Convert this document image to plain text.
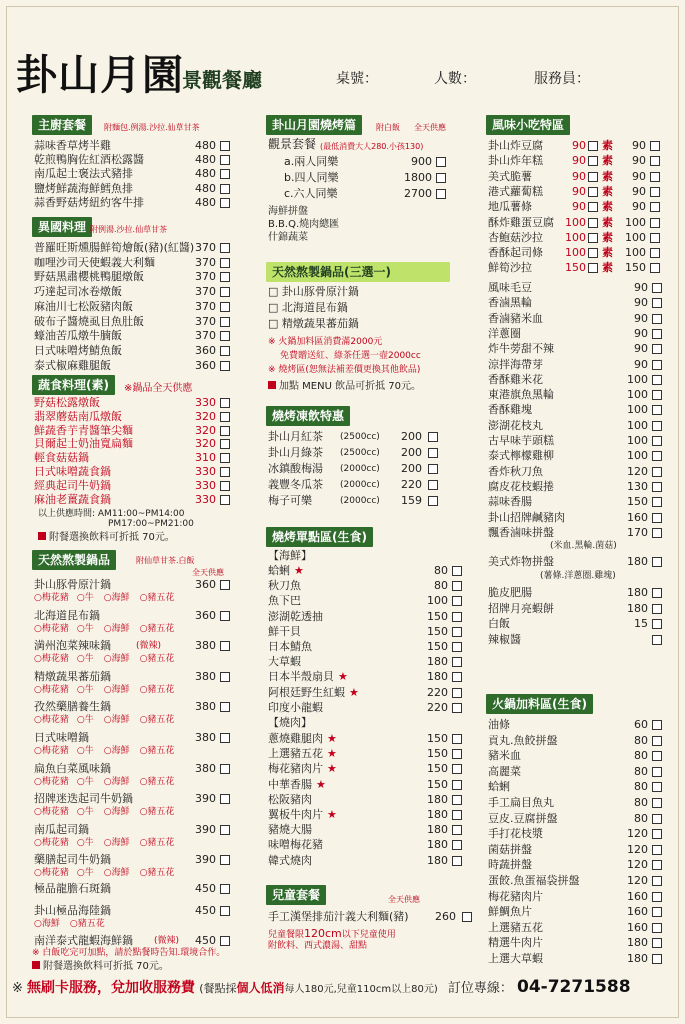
卦山月園
景觀餐廳	桌號：	人數：	服務員：
主廚套餐	附麵包.例湯.沙拉.仙草甘茶
異國料理 附例湯.沙拉.仙草甘茶
蔬食料理(素)	※鍋品全天供應
以上供應時間: AM11:00~PM14:00
PM17:00~PM21:00
附餐選換飲料可折抵 70元。
天然熬製鍋品	附仙草甘茶.白飯
全天供應
※ 白飯吃完可加點，請於點餐時告知.環境合作。
附餐選換飲料可折抵 70元。
卦山月園燒烤篇	附白飯 全天供應
觀景套餐 (最低消費大人280.小孩130)
天然熬製鍋品(三選一)
※ 火鍋加料區消費滿2000元
免費贈送紅、綠茶任選一壺2000cc
※ 燒烤區(恕無法補差價更換其他飲品)
加點 MENU 飲品可折抵 70元。
燒烤凍飲特惠
燒烤單點區(生食)
【海鮮】
【燒肉】
兒童套餐	全天供應
手工漢堡排茄汁義大利麵(豬)	260
兒童餐限120cm以下兒童使用
附飲料、西式濃湯、甜點
風味小吃特區
火鍋加料區(生食)
※ 無刷卡服務，兌加收服務費 (餐點採個人低消每人180元,兒童110cm以上80元) 訂位專線： 04-7271588
蒜味香草烤半雞	480
乾煎鴨胸佐紅酒松露醬	480
南瓜起士褒法式豬排	480
鹽烤鮮蔬海鮮鱈魚排	480
蒜香野菇烤紐約客牛排	480
普羅旺斯燻腸鮮筍燴飯(豬)(紅醬) 370
咖哩沙司天使蝦義大利麵	370
野菇黑肅櫻桃鴨腿燉飯	370
巧達起司冰卷燉飯	370
麻油川七松阪豬肉飯	370
破布子醬燒虱目魚肚飯	370
蠔油苦瓜燉牛腩飯	370
日式味噌烤鯖魚飯	360
泰式椒麻雞腿飯	360
野菇松露燉飯	330
翡翠蘑菇南瓜燉飯	320
鮮蔬香芋青醬筆尖麵	320
貝爾起士奶油寬扁麵	320
輕食菇菇鍋	310
日式味噌蔬食鍋	330
經典起司牛奶鍋	330
麻油老薑蔬食鍋	330
卦山豚骨原汁鍋	360
○梅花豬 ○牛 ○海鮮 ○豬五花
北海道昆布鍋	360
○梅花豬 ○牛 ○海鮮 ○豬五花
満州泡菜辣味鍋	(微辣)	380
○梅花豬 ○牛 ○海鮮 ○豬五花
精燉蔬果蕃茄鍋	380
○梅花豬 ○牛 ○海鮮 ○豬五花
孜然藥膳養生鍋	380
○梅花豬 ○牛 ○海鮮 ○豬五花
日式味噌鍋	380
○梅花豬 ○牛 ○海鮮 ○豬五花
扁魚白菜風味鍋	380
○梅花豬 ○牛 ○海鮮 ○豬五花
招牌迷迭起司牛奶鍋	390
○梅花豬 ○牛 ○海鮮 ○豬五花
南瓜起司鍋	390
○梅花豬 ○牛 ○海鮮 ○豬五花
藥膳起司牛奶鍋	390
○梅花豬 ○牛 ○海鮮 ○豬五花
極品龍膽石斑鍋	450
卦山極品海陸鍋	450
○海鮮 ○豬五花
南洋泰式龍蝦海鮮鍋 (微辣)	450
a.兩人同樂	900
b.四人同樂	1800
c.六人同樂	2700
海鮮拼盤
B.B.Q.燒肉總匯
什錦蔬菜
□ 卦山豚骨原汁鍋
□ 北海道昆布鍋
□ 精燉蔬果蕃茄鍋
卦山月紅茶 (2500cc)	200
卦山月綠茶 (2500cc)	200
冰鎮酸梅湯 (2000cc)	200
義豐冬瓜茶 (2000cc)	220
梅子可樂	(2000cc)	159
蛤蜊 ★	80
秋刀魚	80
魚下巴	100
澎湖乾透抽	150
鮮干貝	150
日本鯖魚	150
大草蝦	180
日本半殼扇貝 ★	180
阿根廷野生紅蝦 ★	220
印度小龍蝦	220
蔥燒雞腿肉 ★	150
上選豬五花 ★	150
梅花豬肉片 ★	150
中華香腸 ★	150
松阪豬肉	180
翼板牛肉片 ★	180
豬燒大腸	180
味噌梅花豬	180
韓式燒肉	180
卦山炸豆腐	90 素	90
卦山炸年糕	90 素	90
美式脆薯	90 素	90
港式蘿蔔糕	90 素	90
地瓜薯條	90 素	90
酥炸雞蛋豆腐	100 素	100
杏鮑菇沙拉	100 素	100
香酥起司條	100 素	100
鮮筍沙拉	150 素	150
風味毛豆	90
香滷黑輪	90
香滷豬米血	90
洋蔥圈	90
炸牛蒡甜不辣	90
涼拌海帶芽	90
香酥雞米花	100
東港旗魚黑輪	100
香酥雞塊	100
澎湖花枝丸	100
古早味芋頭糕	100
泰式檸檬雞柳	100
香炸秋刀魚	120
腐皮花枝蝦捲	130
蒜味香腸	150
卦山招牌鹹豬肉	160
飄香滷味拼盤	170
(米血.黑輪.菌菇)
美式炸物拼盤	180
(薯條.洋蔥圈.雞塊)
脆皮肥腸	180
招牌月亮蝦餅	180
白飯	15
辣椒醬
油條	60
貢丸.魚餃拼盤	80
豬米血	80
高麗菜	80
蛤蜊	80
手工扁目魚丸	80
豆皮.豆腐拼盤	80
手打花枝漿	120
菌菇拼盤	120
時蔬拼盤	120
蛋餃.魚蛋福袋拼盤	120
梅花豬肉片	160
鮮鯛魚片	160
上選豬五花	160
精選牛肉片	180
上選大草蝦	180
